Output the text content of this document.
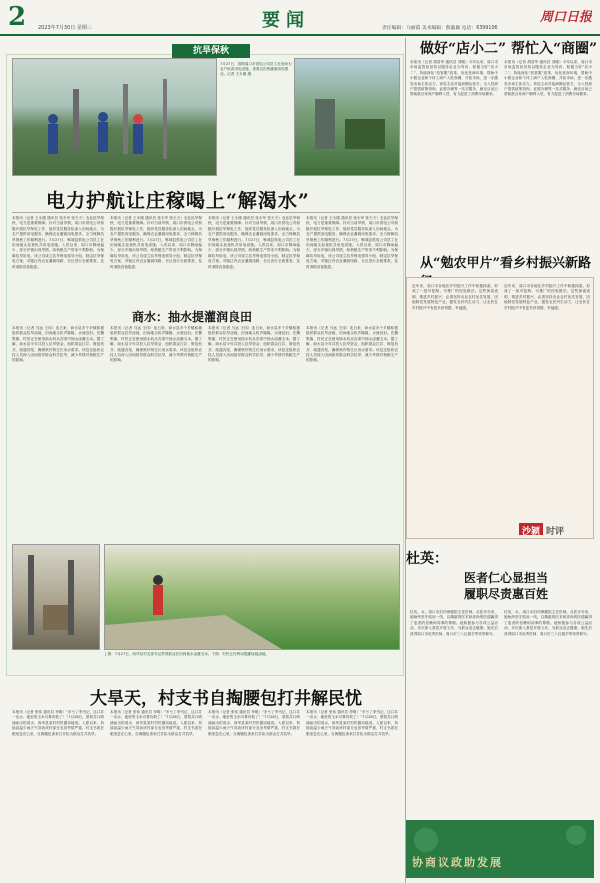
2 2023年7月30日 星期三	要闻	责任编辑：马丽霞 美术编辑：熊聪颖 电话：6399106
周口日报
抗旱保秋
7月27日，国网周口市供电公司员工在田间为农户检查用电设施，查看农田的灌溉用电情况。记者 王永刚 摄
电力护航让庄稼喝上“解渴水”
本报讯（记者 王永刚 通讯员 张永军 张天天）农业抗旱保秋，电力是重要保障。针对当前旱情，周口市供电公司积极开展抗旱保电工作，组织党员服务队深入田间地头，为农户提供用电服务，确保农业灌溉用电需求，全力保障抗旱保秋工作顺利进行。7月27日，郸城县供电公司员工在田间地头检查机井用电设施。入汛以来，周口市降雨偏少，部分乡镇出现旱情，给秋粮生产带来不利影响。为保障抗旱用电，该公司成立抗旱保电领导小组，制定抗旱保电方案，对辖区内农业灌溉线路、台区进行全面排查，及时消除设备隐患。
本报讯（记者 王永刚 通讯员 张永军 张天天）农业抗旱保秋，电力是重要保障。针对当前旱情，周口市供电公司积极开展抗旱保电工作，组织党员服务队深入田间地头，为农户提供用电服务，确保农业灌溉用电需求，全力保障抗旱保秋工作顺利进行。7月27日，郸城县供电公司员工在田间地头检查机井用电设施。入汛以来，周口市降雨偏少，部分乡镇出现旱情，给秋粮生产带来不利影响。为保障抗旱用电，该公司成立抗旱保电领导小组，制定抗旱保电方案，对辖区内农业灌溉线路、台区进行全面排查，及时消除设备隐患。
本报讯（记者 王永刚 通讯员 张永军 张天天）农业抗旱保秋，电力是重要保障。针对当前旱情，周口市供电公司积极开展抗旱保电工作，组织党员服务队深入田间地头，为农户提供用电服务，确保农业灌溉用电需求，全力保障抗旱保秋工作顺利进行。7月27日，郸城县供电公司员工在田间地头检查机井用电设施。入汛以来，周口市降雨偏少，部分乡镇出现旱情，给秋粮生产带来不利影响。为保障抗旱用电，该公司成立抗旱保电领导小组，制定抗旱保电方案，对辖区内农业灌溉线路、台区进行全面排查，及时消除设备隐患。
本报讯（记者 王永刚 通讯员 张永军 张天天）农业抗旱保秋，电力是重要保障。针对当前旱情，周口市供电公司积极开展抗旱保电工作，组织党员服务队深入田间地头，为农户提供用电服务，确保农业灌溉用电需求，全力保障抗旱保秋工作顺利进行。7月27日，郸城县供电公司员工在田间地头检查机井用电设施。入汛以来，周口市降雨偏少，部分乡镇出现旱情，给秋粮生产带来不利影响。为保障抗旱用电，该公司成立抗旱保电领导小组，制定抗旱保电方案，对辖区内农业灌溉线路、台区进行全面排查，及时消除设备隐患。
商水：抽水提灌润良田
本报讯（记者 马远 王伟）连日来，商水县多个乡镇积极组织群众抗旱浇地，田间地头机声隆隆，水流汩汩。在魏集镇，村民正在使用抽水机从沟渠中抽水浇灌玉米。据了解，商水县今年共投入抗旱资金，组织群众打井、修复机井、疏通沟渠，确保秋作物生长用水需求。该县还组织农技人员深入田间指导群众科学抗旱，减少旱情对秋粮生产的影响。
本报讯（记者 马远 王伟）连日来，商水县多个乡镇积极组织群众抗旱浇地，田间地头机声隆隆，水流汩汩。在魏集镇，村民正在使用抽水机从沟渠中抽水浇灌玉米。据了解，商水县今年共投入抗旱资金，组织群众打井、修复机井、疏通沟渠，确保秋作物生长用水需求。该县还组织农技人员深入田间指导群众科学抗旱，减少旱情对秋粮生产的影响。
本报讯（记者 马远 王伟）连日来，商水县多个乡镇积极组织群众抗旱浇地，田间地头机声隆隆，水流汩汩。在魏集镇，村民正在使用抽水机从沟渠中抽水浇灌玉米。据了解，商水县今年共投入抗旱资金，组织群众打井、修复机井、疏通沟渠，确保秋作物生长用水需求。该县还组织农技人员深入田间指导群众科学抗旱，减少旱情对秋粮生产的影响。
本报讯（记者 马远 王伟）连日来，商水县多个乡镇积极组织群众抗旱浇地，田间地头机声隆隆，水流汩汩。在魏集镇，村民正在使用抽水机从沟渠中抽水浇灌玉米。据了解，商水县今年共投入抗旱资金，组织群众打井、修复机井、疏通沟渠，确保秋作物生长用水需求。该县还组织农技人员深入田间指导群众科学抗旱，减少旱情对秋粮生产的影响。
上图：7月27日，西华县村支部书记带领群众在田间抽水浇灌玉米。下图：村民正在利用提灌设施浇地。
大旱天，村支书自掏腰包打井解民忧
本报讯（记者 张伟 通讯员 李明）“多亏了李书记，这口井一出水，地里的玉米可算有救了！”7月28日，望着井口喷涌而出的清水，西华县某村村民激动地说。入夏以来，持续高温少雨天气导致该村部分农田旱情严重，村支书看在眼里急在心里，自掏腰包请来打井队为群众打井抗旱。
本报讯（记者 张伟 通讯员 李明）“多亏了李书记，这口井一出水，地里的玉米可算有救了！”7月28日，望着井口喷涌而出的清水，西华县某村村民激动地说。入夏以来，持续高温少雨天气导致该村部分农田旱情严重，村支书看在眼里急在心里，自掏腰包请来打井队为群众打井抗旱。
本报讯（记者 张伟 通讯员 李明）“多亏了李书记，这口井一出水，地里的玉米可算有救了！”7月28日，望着井口喷涌而出的清水，西华县某村村民激动地说。入夏以来，持续高温少雨天气导致该村部分农田旱情严重，村支书看在眼里急在心里，自掏腰包请来打井队为群众打井抗旱。
本报讯（记者 张伟 通讯员 李明）“多亏了李书记，这口井一出水，地里的玉米可算有救了！”7月28日，望着井口喷涌而出的清水，西华县某村村民激动地说。入夏以来，持续高温少雨天气导致该村部分农田旱情严重，村支书看在眼里急在心里，自掏腰包请来打井队为群众打井抗旱。
做好“店小二” 帮忙入“商圈”
本报讯（记者 胡清华 通讯员 刘刚）今年以来，周口市市场监管局坚持以服务企业为导向，积极当好“店小二”，持续深化“放管服”改革，优化营商环境，帮助中小微企业和个体工商户入驻商圈、开拓市场，进一步激发市场主体活力。该局主动对接商圈运营方，为入驻商户提供政策咨询、证照办理等一站式服务，截至目前已帮助数百家商户顺利入驻，有力促进了消费市场繁荣。
本报讯（记者 胡清华 通讯员 刘刚）今年以来，周口市市场监管局坚持以服务企业为导向，积极当好“店小二”，持续深化“放管服”改革，优化营商环境，帮助中小微企业和个体工商户入驻商圈、开拓市场，进一步激发市场主体活力。该局主动对接商圈运营方，为入驻商户提供政策咨询、证照办理等一站式服务，截至目前已帮助数百家商户顺利入驻，有力促进了消费市场繁荣。
从“勉农甲片”看乡村振兴新路
近年来，周口市各地在乡村振兴工作中积极探索，形成了一批可复制、可推广的经验做法。这些探索表明，推进乡村振兴，必须坚持农业农村优先发展，因地制宜发展特色产业，激发农民内生动力，让农民在乡村振兴中有更多获得感、幸福感。
近年来，周口市各地在乡村振兴工作中积极探索，形成了一批可复制、可推广的经验做法。这些探索表明，推进乡村振兴，必须坚持农业农村优先发展，因地制宜发展特色产业，激发农民内生动力，让农民在乡村振兴中有更多获得感、幸福感。
沙颍 时评
杜英：
医者仁心显担当
履职尽责惠百姓
杜英，女，周口市妇幼保健院主任医师。从医多年来，她始终坚守临床一线，以精湛的医术和高尚的医德赢得了患者的信赖和同事的尊敬。她积极参与各项公益活动，多次深入基层开展义诊，为群众送去健康。她先后获得周口市优秀医师、周口市三八红旗手等荣誉称号。
杜英，女，周口市妇幼保健院主任医师。从医多年来，她始终坚守临床一线，以精湛的医术和高尚的医德赢得了患者的信赖和同事的尊敬。她积极参与各项公益活动，多次深入基层开展义诊，为群众送去健康。她先后获得周口市优秀医师、周口市三八红旗手等荣誉称号。
协商议政助发展
